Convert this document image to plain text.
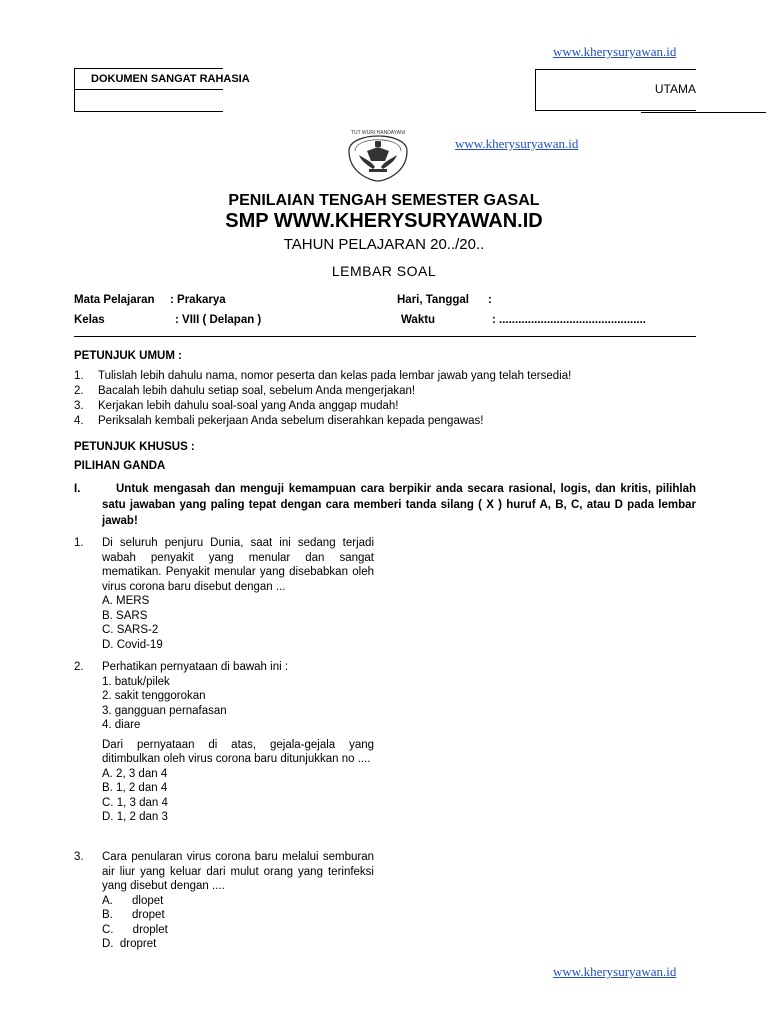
www.kherysuryawan.id
DOKUMEN SANGAT RAHASIA
UTAMA
TUT WURI HANDAYANI
www.kherysuryawan.id
PENILAIAN TENGAH SEMESTER GASAL
SMP WWW.KHERYSURYAWAN.ID
TAHUN PELAJARAN 20../20..
LEMBAR SOAL
Mata Pelajaran : Prakarya	Hari, Tanggal :
Kelas	: VIII ( Delapan )	Waktu	: ..............................................
PETUNJUK UMUM :
1.	Tulislah lebih dahulu nama, nomor peserta dan kelas pada lembar jawab yang telah tersedia!
2.	Bacalah lebih dahulu setiap soal, sebelum Anda mengerjakan!
3.	Kerjakan lebih dahulu soal-soal yang Anda anggap mudah!
4.	Periksalah kembali pekerjaan Anda sebelum diserahkan kepada pengawas!
PETUNJUK KHUSUS :
PILIHAN GANDA
I.	Untuk mengasah dan menguji kemampuan cara berpikir anda secara rasional, logis, dan kritis, pilihlah satu jawaban yang paling tepat dengan cara memberi tanda silang ( X ) huruf A, B, C, atau D pada lembar jawab!
1. Di seluruh penjuru Dunia, saat ini sedang terjadi wabah penyakit yang menular dan sangat mematikan. Penyakit menular yang disebabkan oleh virus corona baru disebut dengan ...
A. MERS
B. SARS
C. SARS-2
D. Covid-19
2. Perhatikan pernyataan di bawah ini :
1. batuk/pilek
2. sakit tenggorokan
3. gangguan pernafasan
4. diare
Dari pernyataan di atas, gejala-gejala yang ditimbulkan oleh virus corona baru ditunjukkan no ....
A. 2, 3 dan 4
B. 1, 2 dan 4
C. 1, 3 dan 4
D. 1, 2 dan 3
3. Cara penularan virus corona baru melalui semburan air liur yang keluar dari mulut orang yang terinfeksi yang disebut dengan ....
A.      dlopet
B.      dropet
C.      droplet
D.  dropret
www.kherysuryawan.id
